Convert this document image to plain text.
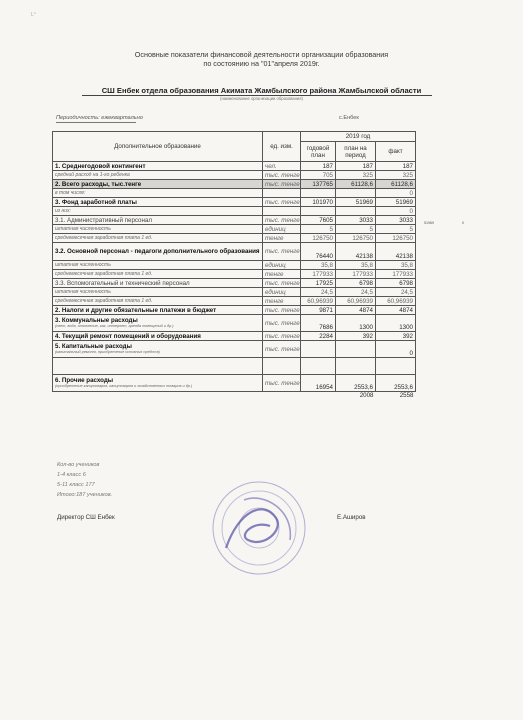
L°
Основные показатели финансовой деятельности организации образования
по состоянию на "01"апреля 2019г.
СШ Енбек отдела образования Акимата Жамбылского района Жамбылской области
(наименование организации образования)
Периодичность: ежеквартально	с.Енбек
Дополнительное образование	ед. изм.	2019 год		
		годовой план	план на период	факт
1. Среднегодовой контингент	чел.	187	187	187
средний расход на 1-го ребенка	тыс. тенге	705	325	325
2. Всего расходы, тыс.тенге	тыс. тенге	137765	61128,6	61128,6
в том числе:				0
3. Фонд заработной платы	тыс. тенге	101970	51969	51969
из них:				0
3.1. Административный персонал	тыс. тенге	7605	3033	3033
штатная численность	единиц	5	5	5
среднемесячная заработная плата 1 ед.	тенге	126750	126750	126750
3.2. Основной персонал - педагоги дополнительного образования	тыс. тенге	76440	42138	42138
штатная численность	единиц	35,8	35,8	35,8
среднемесячная заработная плата 1 ед.	тенге	177933	177933	177933
3.3. Вспомогательный и технический персонал	тыс. тенге	17925	6798	6798
штатная численность	единиц	24,5	24,5	24,5
среднемесячная заработная плата 1 ед.	тенге	60,96939	60,96939	60,96939
2. Налоги и другие обязательные платежи в бюджет	тыс. тенге	9871	4874	4874
3. Коммунальные расходы
(свет, вода, отопление, газ, интернет, аренда помещений и др.)	тыс. тенге	7686	1300	1300
4. Текущий ремонт помещений и оборудования	тыс. тенге	2284	392	392
5. Капитальные расходы
(капитальный ремонт, приобретение основных средств)	тыс. тенге			0

6. Прочие расходы
(приобретение канцтоваров, канцтоваров и хозяйственных товаров и др.)	тыс. тенге	16954	2553,6	2553,6
			2008	2558
51969	0
Кол-во учеников
1-4 класс 6
5-11 класс 177
Итого:187 учеников.
Директор СШ Енбек	Е.Аширов
